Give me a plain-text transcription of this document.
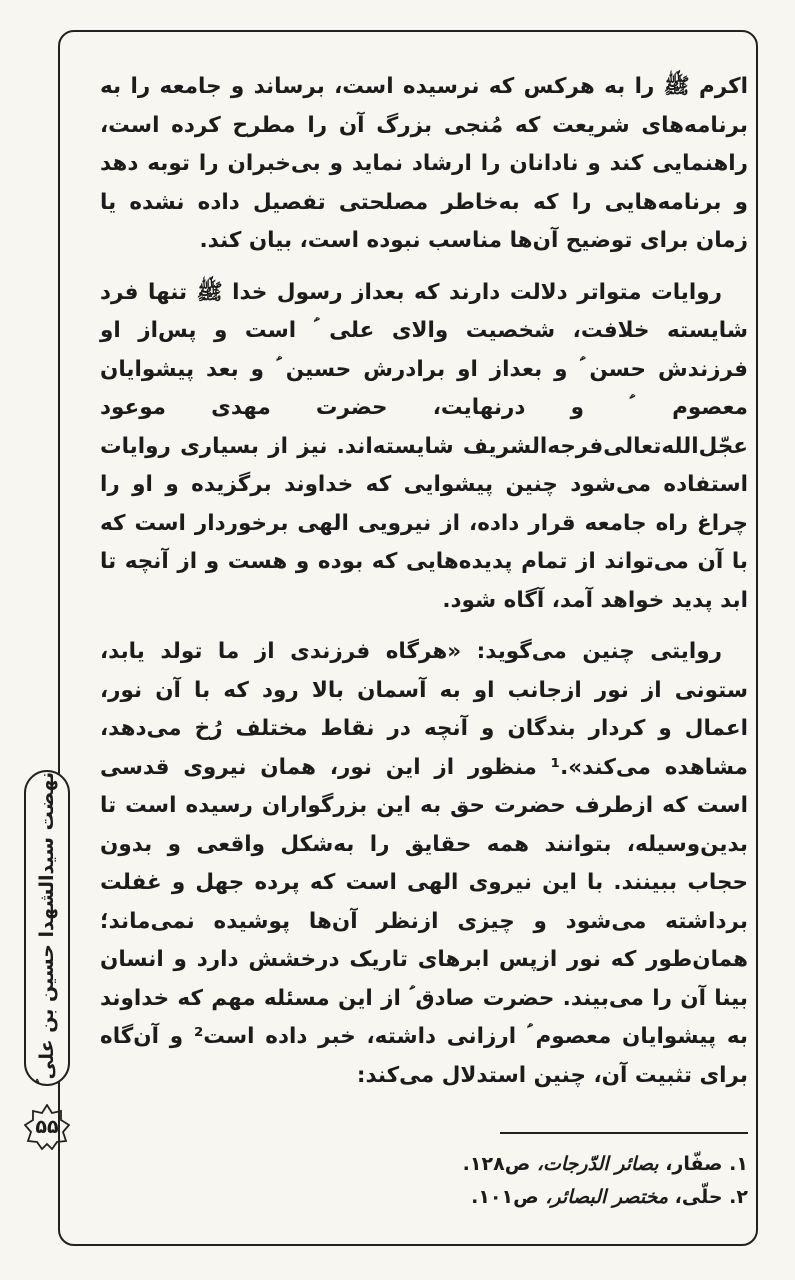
اکرم ﷺ را به هرکس که نرسیده است، برساند و جامعه را به برنامه‌های شریعت که مُنجی بزرگ آن را مطرح کرده است، راهنمایی کند و نادانان را ارشاد نماید و بی‌خبران را توبه دهد و برنامه‌هایی را که به‌خاطر مصلحتی تفصیل داده نشده یا زمان برای توضیح آن‌ها مناسب نبوده است، بیان کند.

روایات متواتر دلالت دارند که بعداز رسول خدا ﷺ تنها فرد شایسته خلافت، شخصیت والای علی ؑ است و پس‌از او فرزندش حسن ؑ و بعداز او برادرش حسین ؑ و بعد پیشوایان معصوم ؑ و درنهایت، حضرت مهدی موعود عجّل‌الله‌تعالی‌فرجه‌الشریف شایسته‌اند. نیز از بسیاری روایات استفاده می‌شود چنین پیشوایی که خداوند برگزیده و او را چراغ راه جامعه قرار داده، از نیرویی الهی برخوردار است که با آن می‌تواند از تمام پدیده‌هایی که بوده و هست و از آنچه تا ابد پدید خواهد آمد، آگاه شود.

روایتی چنین می‌گوید: «هرگاه فرزندی از ما تولد یابد، ستونی از نور ازجانب او به آسمان بالا رود که با آن نور، اعمال و کردار بندگان و آنچه در نقاط مختلف رُخ می‌دهد، مشاهده می‌کند».¹ منظور از این نور، همان نیروی قدسی است که ازطرف حضرت حق به این بزرگواران رسیده است تا بدین‌وسیله، بتوانند همه حقایق را به‌شکل واقعی و بدون حجاب ببینند. با این نیروی الهی است که پرده جهل و غفلت برداشته می‌شود و چیزی ازنظر آن‌ها پوشیده نمی‌ماند؛ همان‌طور که نور ازپس ابرهای تاریک درخشش دارد و انسان بینا آن را می‌بیند. حضرت صادق ؑ از این مسئله مهم که خداوند به پیشوایان معصوم ؑ ارزانی داشته، خبر داده است² و آن‌گاه برای تثبیت آن، چنین استدلال می‌کند:

۱. صفّار، بصائر الدّرجات، ص۱۲۸.
۲. حلّی، مختصر البصائر، ص۱۰۱.
نهضت سیدالشهدا حسین بن علی ؑ
۵۵
